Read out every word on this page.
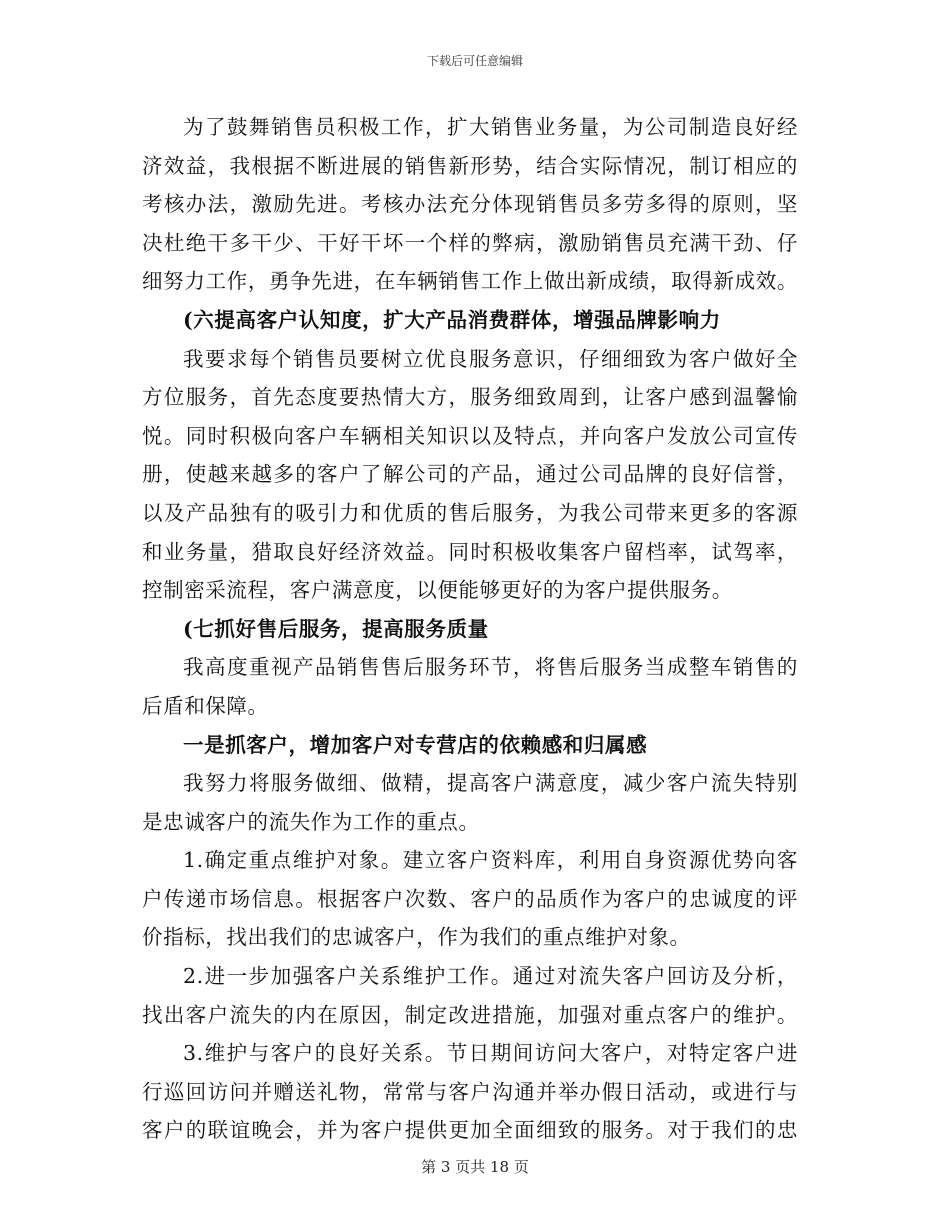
下载后可任意编辑
为了鼓舞销售员积极工作，扩大销售业务量，为公司制造良好经
济效益，我根据不断进展的销售新形势，结合实际情况，制订相应的
考核办法，激励先进。考核办法充分体现销售员多劳多得的原则，坚
决杜绝干多干少、干好干坏一个样的弊病，激励销售员充满干劲、仔
细努力工作，勇争先进，在车辆销售工作上做出新成绩，取得新成效。
(六提高客户认知度，扩大产品消费群体，增强品牌影响力
我要求每个销售员要树立优良服务意识，仔细细致为客户做好全
方位服务，首先态度要热情大方，服务细致周到，让客户感到温馨愉
悦。同时积极向客户车辆相关知识以及特点，并向客户发放公司宣传
册，使越来越多的客户了解公司的产品，通过公司品牌的良好信誉，
以及产品独有的吸引力和优质的售后服务，为我公司带来更多的客源
和业务量，猎取良好经济效益。同时积极收集客户留档率，试驾率，
控制密采流程，客户满意度，以便能够更好的为客户提供服务。
(七抓好售后服务，提高服务质量
我高度重视产品销售售后服务环节，将售后服务当成整车销售的
后盾和保障。
一是抓客户，增加客户对专营店的依赖感和归属感
我努力将服务做细、做精，提高客户满意度，减少客户流失特别
是忠诚客户的流失作为工作的重点。
1.确定重点维护对象。建立客户资料库，利用自身资源优势向客
户传递市场信息。根据客户次数、客户的品质作为客户的忠诚度的评
价指标，找出我们的忠诚客户，作为我们的重点维护对象。
2.进一步加强客户关系维护工作。通过对流失客户回访及分析，
找出客户流失的内在原因，制定改进措施，加强对重点客户的维护。
3.维护与客户的良好关系。节日期间访问大客户，对特定客户进
行巡回访问并赠送礼物，常常与客户沟通并举办假日活动，或进行与
客户的联谊晚会，并为客户提供更加全面细致的服务。对于我们的忠
第 3 页共 18 页
